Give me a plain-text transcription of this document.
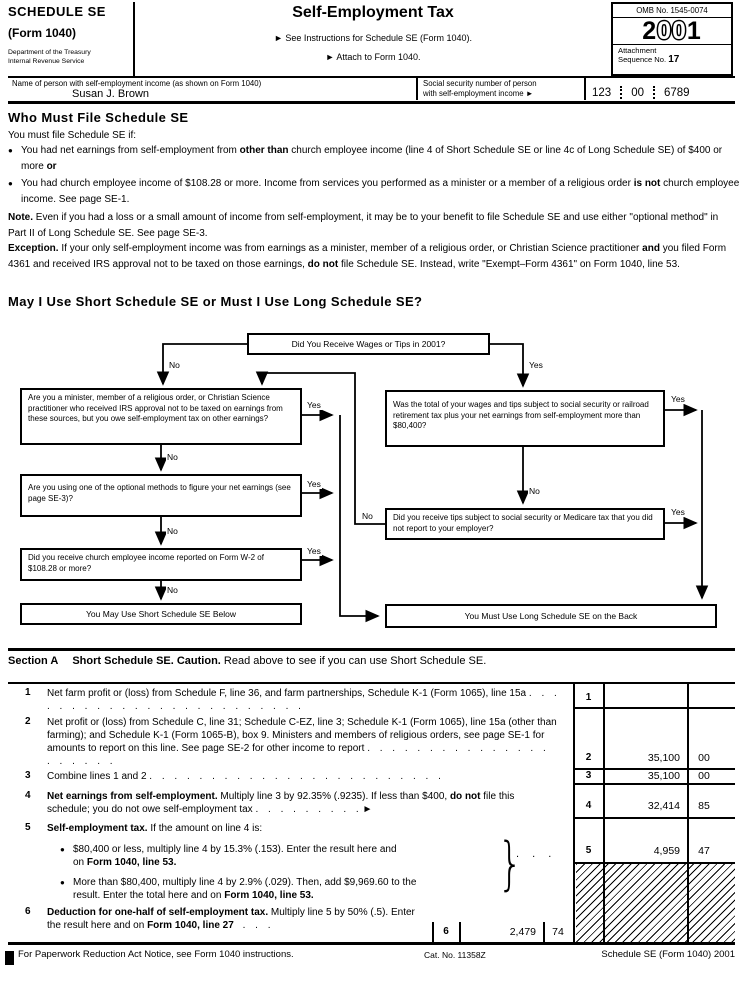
SCHEDULE SE
(Form 1040)
Department of the Treasury
Internal Revenue Service
Self-Employment Tax
► See Instructions for Schedule SE (Form 1040).
► Attach to Form 1040.
OMB No. 1545-0074
2001
Attachment
Sequence No. 17
Name of person with self-employment income (as shown on Form 1040)
Susan J. Brown
Social security number of person
with self-employment income ►	123 00 6789
Who Must File Schedule SE
You must file Schedule SE if:
● You had net earnings from self-employment from other than church employee income (line 4 of Short Schedule SE or line 4c of Long Schedule SE) of $400 or more or
● You had church employee income of $108.28 or more. Income from services you performed as a minister or a member of a religious order is not church employee income. See page SE-1.
Note. Even if you had a loss or a small amount of income from self-employment, it may be to your benefit to file Schedule SE and use either "optional method" in Part II of Long Schedule SE. See page SE-3.
Exception. If your only self-employment income was from earnings as a minister, member of a religious order, or Christian Science practitioner and you filed Form 4361 and received IRS approval not to be taxed on those earnings, do not file Schedule SE. Instead, write "Exempt–Form 4361" on Form 1040, line 53.
May I Use Short Schedule SE or Must I Use Long Schedule SE?
Did You Receive Wages or Tips in 2001?
Are you a minister, member of a religious order, or Christian Science practitioner who received IRS approval not to be taxed on earnings from these sources, but you owe self-employment tax on other earnings?
Was the total of your wages and tips subject to social security or railroad retirement tax plus your net earnings from self-employment more than $80,400?
Are you using one of the optional methods to figure your net earnings (see page SE-3)?
Did you receive tips subject to social security or Medicare tax that you did not report to your employer?
Did you receive church employee income reported on Form W-2 of $108.28 or more?
You May Use Short Schedule SE Below	You Must Use Long Schedule SE on the Back
No	Yes
Yes
No
Yes
No
Yes
No
No
No
Yes
Yes
Section A Short Schedule SE. Caution. Read above to see if you can use Short Schedule SE.
1 Net farm profit or (loss) from Schedule F, line 36, and farm partnerships, Schedule K-1 (Form 1065), line 15a . . . . . . . . . . . . . . . . . . . . . . . .
1
2 Net profit or (loss) from Schedule C, line 31; Schedule C-EZ, line 3; Schedule K-1 (Form 1065), line 15a (other than farming); and Schedule K-1 (Form 1065-B), box 9. Ministers and members of religious orders, see page SE-1 for amounts to report on this line. See page SE-2 for other income to report . . . . . . . . . . . . . . . . . . . . .	2	35,100	00
3 Combine lines 1 and 2 . . . . . . . . . . . . . . . . . . . . . . . .	3	35,100	00
4 Net earnings from self-employment. Multiply line 3 by 92.35% (.9235). If less than $400, do not file this schedule; you do not owe self-employment tax . . . . . . . . . ►	4	32,414	85
5 Self-employment tax. If the amount on line 4 is:
● $80,400 or less, multiply line 4 by 15.3% (.153). Enter the result here and on Form 1040, line 53.
● More than $80,400, multiply line 4 by 2.9% (.029). Then, add $9,969.60 to the result. Enter the total here and on Form 1040, line 53.	}
. . .	5	4,959	47
6 Deduction for one-half of self-employment tax. Multiply line 5 by 50% (.5). Enter the result here and on Form 1040, line 27 . . .
6	2,479	74
For Paperwork Reduction Act Notice, see Form 1040 instructions.	Cat. No. 11358Z	Schedule SE (Form 1040) 2001
